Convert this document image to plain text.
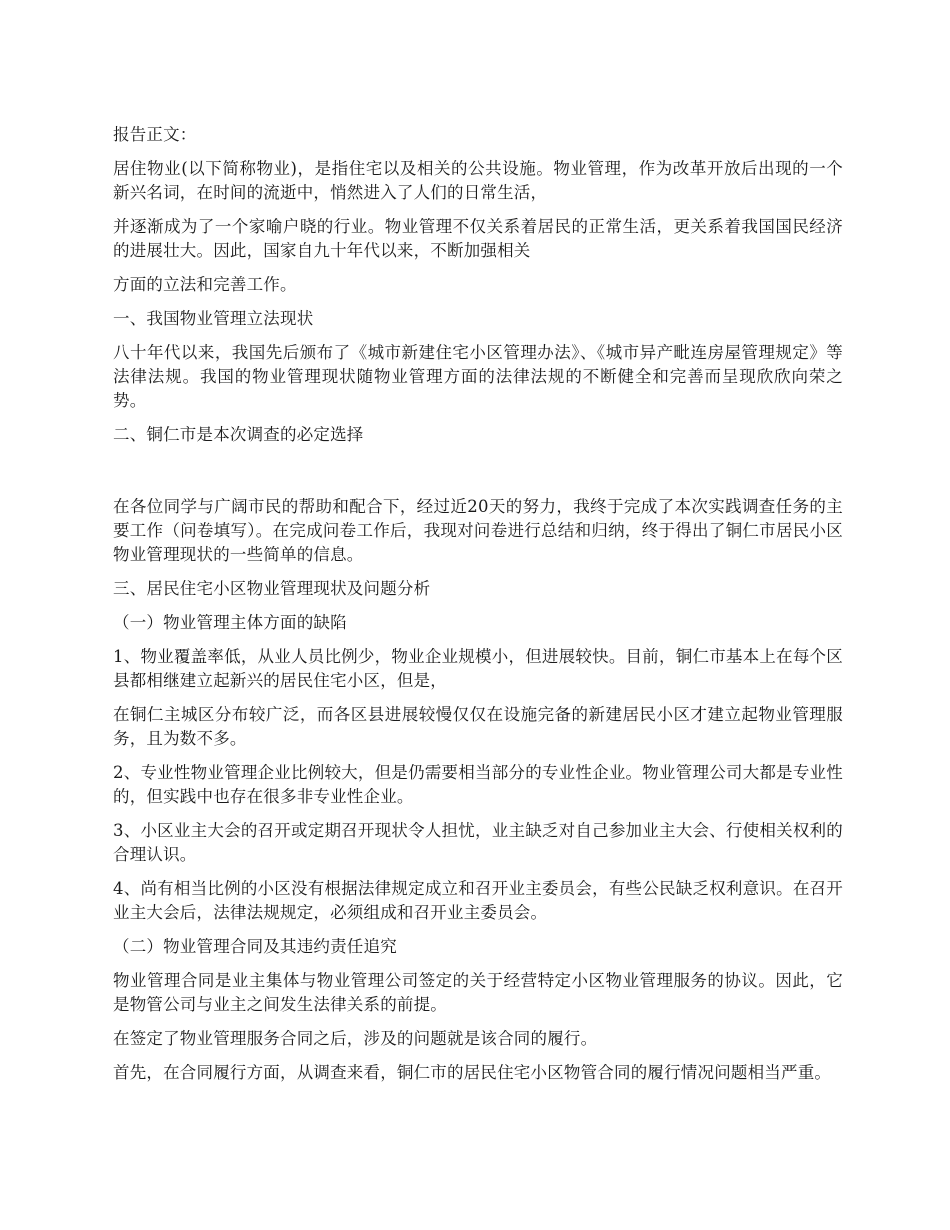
报告正文：

居住物业(以下简称物业)，是指住宅以及相关的公共设施。物业管理，作为改革开放后出现的一个新兴名词，在时间的流逝中，悄然进入了人们的日常生活，

并逐渐成为了一个家喻户晓的行业。物业管理不仅关系着居民的正常生活，更关系着我国国民经济的进展壮大。因此，国家自九十年代以来，不断加强相关

方面的立法和完善工作。

一、我国物业管理立法现状

八十年代以来，我国先后颁布了《城市新建住宅小区管理办法》、《城市异产毗连房屋管理规定》等法律法规。我国的物业管理现状随物业管理方面的法律法规的不断健全和完善而呈现欣欣向荣之势。

二、铜仁市是本次调查的必定选择

在各位同学与广阔市民的帮助和配合下，经过近20天的努力，我终于完成了本次实践调查任务的主要工作（问卷填写）。在完成问卷工作后，我现对问卷进行总结和归纳，终于得出了铜仁市居民小区物业管理现状的一些简单的信息。

三、居民住宅小区物业管理现状及问题分析

（一）物业管理主体方面的缺陷

1、物业覆盖率低，从业人员比例少，物业企业规模小，但进展较快。目前，铜仁市基本上在每个区县都相继建立起新兴的居民住宅小区，但是，

在铜仁主城区分布较广泛，而各区县进展较慢仅仅在设施完备的新建居民小区才建立起物业管理服务，且为数不多。

2、专业性物业管理企业比例较大，但是仍需要相当部分的专业性企业。物业管理公司大都是专业性的，但实践中也存在很多非专业性企业。

3、小区业主大会的召开或定期召开现状令人担忧，业主缺乏对自己参加业主大会、行使相关权利的合理认识。

4、尚有相当比例的小区没有根据法律规定成立和召开业主委员会，有些公民缺乏权利意识。在召开业主大会后，法律法规规定，必须组成和召开业主委员会。

（二）物业管理合同及其违约责任追究

物业管理合同是业主集体与物业管理公司签定的关于经营特定小区物业管理服务的协议。因此，它是物管公司与业主之间发生法律关系的前提。

在签定了物业管理服务合同之后，涉及的问题就是该合同的履行。

首先，在合同履行方面，从调查来看，铜仁市的居民住宅小区物管合同的履行情况问题相当严重。
